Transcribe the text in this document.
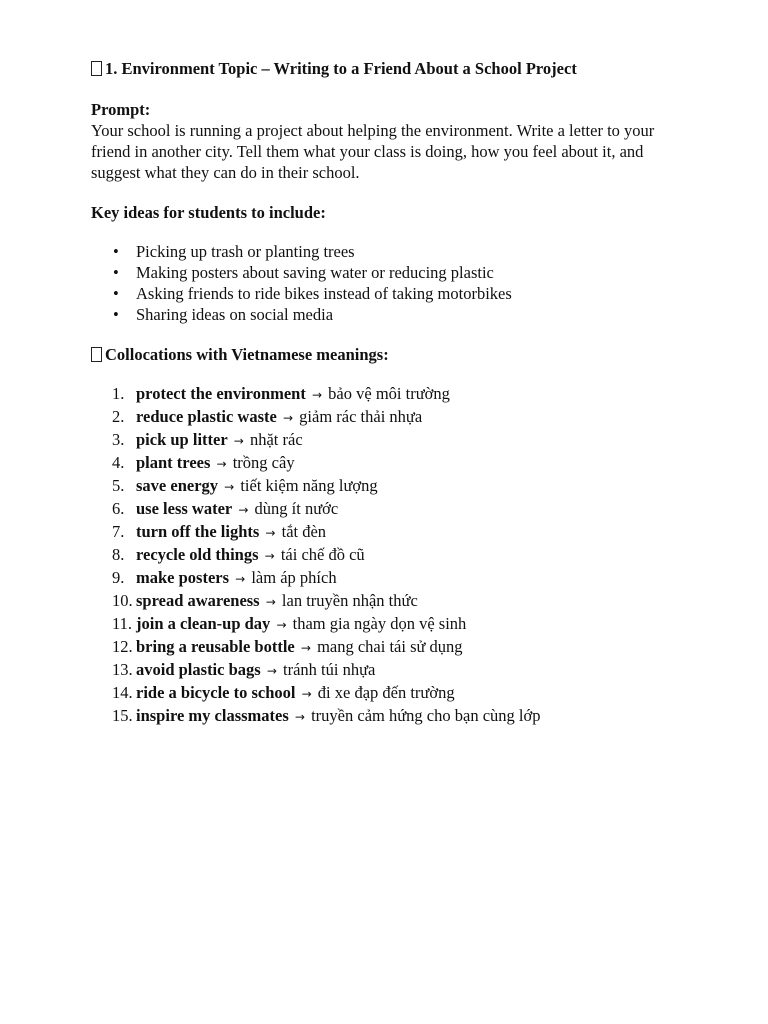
1. Environment Topic – Writing to a Friend About a School Project

Prompt:

Your school is running a project about helping the environment. Write a letter to your friend in another city. Tell them what your class is doing, how you feel about it, and suggest what they can do in their school.

Key ideas for students to include:

• Picking up trash or planting trees
• Making posters about saving water or reducing plastic
• Asking friends to ride bikes instead of taking motorbikes
• Sharing ideas on social media

Collocations with Vietnamese meanings:

1. protect the environment → bảo vệ môi trường
2. reduce plastic waste → giảm rác thải nhựa
3. pick up litter → nhặt rác
4. plant trees → trồng cây
5. save energy → tiết kiệm năng lượng
6. use less water → dùng ít nước
7. turn off the lights → tắt đèn
8. recycle old things → tái chế đồ cũ
9. make posters → làm áp phích
10. spread awareness → lan truyền nhận thức
11. join a clean-up day → tham gia ngày dọn vệ sinh
12. bring a reusable bottle → mang chai tái sử dụng
13. avoid plastic bags → tránh túi nhựa
14. ride a bicycle to school → đi xe đạp đến trường
15. inspire my classmates → truyền cảm hứng cho bạn cùng lớp
